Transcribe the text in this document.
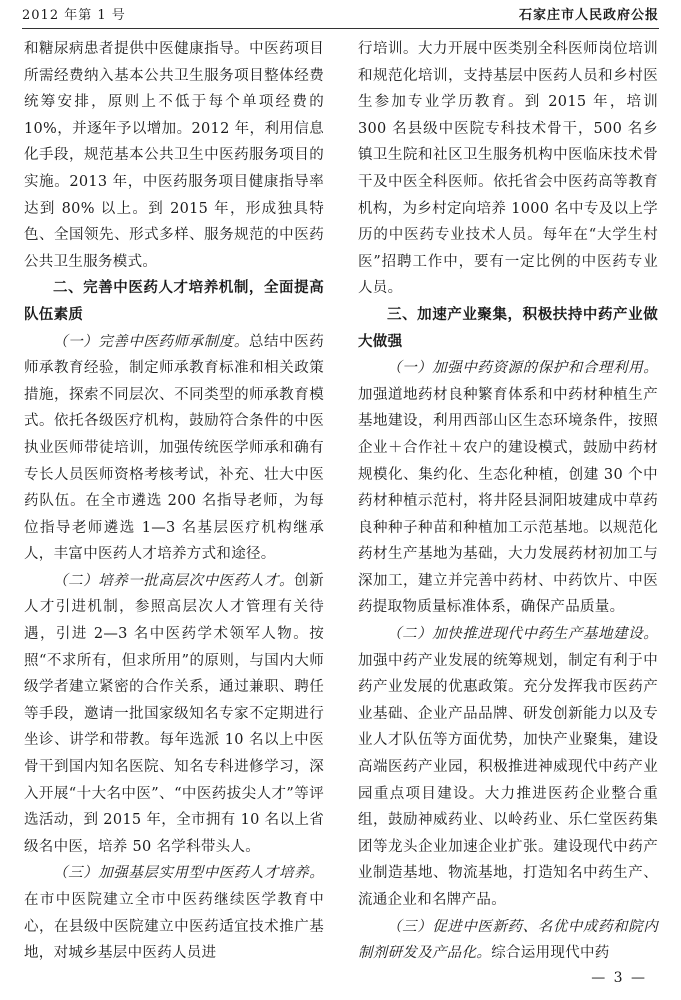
2012 年第 1 号	石家庄市人民政府公报

和糖尿病患者提供中医健康指导。中医药项目所需经费纳入基本公共卫生服务项目整体经费统筹安排，原则上不低于每个单项经费的 10%，并逐年予以增加。2012 年，利用信息化手段，规范基本公共卫生中医药服务项目的实施。2013 年，中医药服务项目健康指导率达到 80% 以上。到 2015 年，形成独具特色、全国领先、形式多样、服务规范的中医药公共卫生服务模式。

二、完善中医药人才培养机制，全面提高队伍素质

（一）完善中医药师承制度。总结中医药师承教育经验，制定师承教育标准和相关政策措施，探索不同层次、不同类型的师承教育模式。依托各级医疗机构，鼓励符合条件的中医执业医师带徒培训，加强传统医学师承和确有专长人员医师资格考核考试，补充、壮大中医药队伍。在全市遴选 200 名指导老师，为每位指导老师遴选 1—3 名基层医疗机构继承人，丰富中医药人才培养方式和途径。

（二）培养一批高层次中医药人才。创新人才引进机制，参照高层次人才管理有关待遇，引进 2—3 名中医药学术领军人物。按照“不求所有，但求所用”的原则，与国内大师级学者建立紧密的合作关系，通过兼职、聘任等手段，邀请一批国家级知名专家不定期进行坐诊、讲学和带教。每年选派 10 名以上中医骨干到国内知名医院、知名专科进修学习，深入开展“十大名中医”、“中医药拔尖人才”等评选活动，到 2015 年，全市拥有 10 名以上省级名中医，培养 50 名学科带头人。

（三）加强基层实用型中医药人才培养。在市中医院建立全市中医药继续医学教育中心，在县级中医院建立中医药适宜技术推广基地，对城乡基层中医药人员进

行培训。大力开展中医类别全科医师岗位培训和规范化培训，支持基层中医药人员和乡村医生参加专业学历教育。到 2015 年，培训 300 名县级中医院专科技术骨干，500 名乡镇卫生院和社区卫生服务机构中医临床技术骨干及中医全科医师。依托省会中医药高等教育机构，为乡村定向培养 1000 名中专及以上学历的中医药专业技术人员。每年在“大学生村医”招聘工作中，要有一定比例的中医药专业人员。

三、加速产业聚集，积极扶持中药产业做大做强

（一）加强中药资源的保护和合理利用。加强道地药材良种繁育体系和中药材种植生产基地建设，利用西部山区生态环境条件，按照企业＋合作社＋农户的建设模式，鼓励中药材规模化、集约化、生态化种植，创建 30 个中药材种植示范村，将井陉县洞阳坡建成中草药良种种子种苗和种植加工示范基地。以规范化药材生产基地为基础，大力发展药材初加工与深加工，建立并完善中药材、中药饮片、中医药提取物质量标准体系，确保产品质量。

（二）加快推进现代中药生产基地建设。加强中药产业发展的统筹规划，制定有利于中药产业发展的优惠政策。充分发挥我市医药产业基础、企业产品品牌、研发创新能力以及专业人才队伍等方面优势，加快产业聚集，建设高端医药产业园，积极推进神威现代中药产业园重点项目建设。大力推进医药企业整合重组，鼓励神威药业、以岭药业、乐仁堂医药集团等龙头企业加速企业扩张。建设现代中药产业制造基地、物流基地，打造知名中药生产、流通企业和名牌产品。

（三）促进中医新药、名优中成药和院内制剂研发及产品化。综合运用现代中药

— 3 —
